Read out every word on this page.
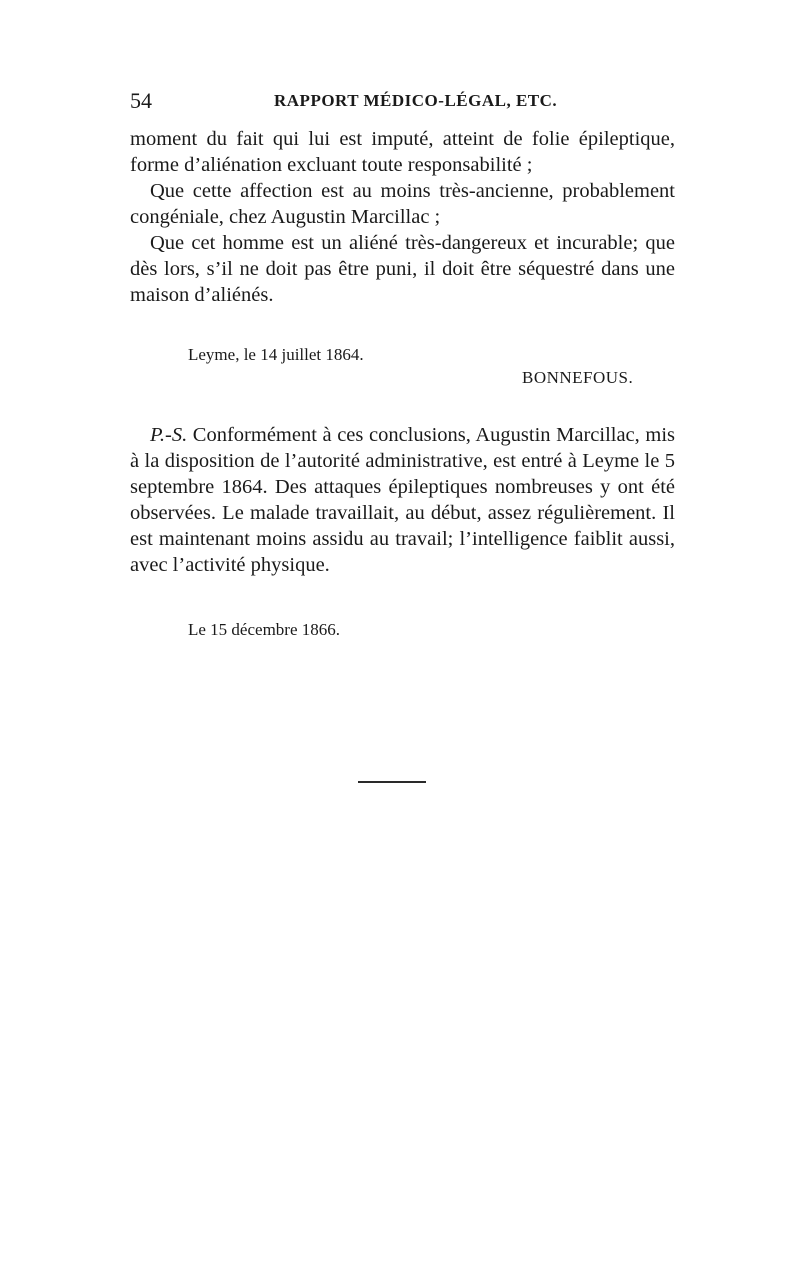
54	RAPPORT MÉDICO-LÉGAL, ETC.

moment du fait qui lui est imputé, atteint de folie épileptique, forme d’aliénation excluant toute responsabilité ;

Que cette affection est au moins très-ancienne, probablement congéniale, chez Augustin Marcillac ;

Que cet homme est un aliéné très-dangereux et incurable; que dès lors, s’il ne doit pas être puni, il doit être séquestré dans une maison d’aliénés.

Leyme, le 14 juillet 1864.
BONNEFOUS.

P.-S. Conformément à ces conclusions, Augustin Marcillac, mis à la disposition de l’autorité administrative, est entré à Leyme le 5 septembre 1864. Des attaques épileptiques nombreuses y ont été observées. Le malade travaillait, au début, assez régulièrement. Il est maintenant moins assidu au travail; l’intelligence faiblit aussi, avec l’activité physique.

Le 15 décembre 1866.
